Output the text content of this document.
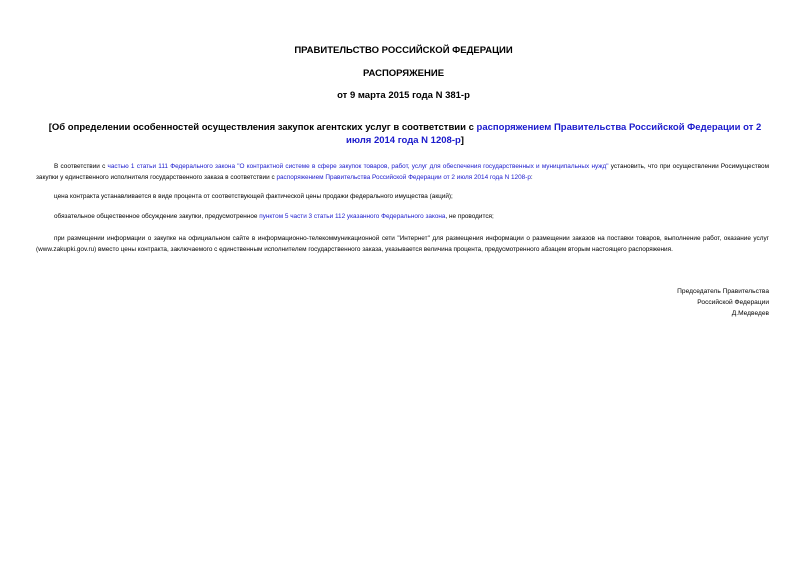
ПРАВИТЕЛЬСТВО РОССИЙСКОЙ ФЕДЕРАЦИИ
РАСПОРЯЖЕНИЕ
от 9 марта 2015 года N 381-р
[Об определении особенностей осуществления закупок агентских услуг в соответствии с распоряжением Правительства Российской Федерации от 2 июля 2014 года N 1208-р]
В соответствии с частью 1 статьи 111 Федерального закона "О контрактной системе в сфере закупок товаров, работ, услуг для обеспечения государственных и муниципальных нужд" установить, что при осуществлении Росимуществом закупки у единственного исполнителя государственного заказа в соответствии с распоряжением Правительства Российской Федерации от 2 июля 2014 года N 1208-р:
цена контракта устанавливается в виде процента от соответствующей фактической цены продажи федерального имущества (акций);
обязательное общественное обсуждение закупки, предусмотренное пунктом 5 части 3 статьи 112 указанного Федерального закона, не проводится;
при размещении информации о закупке на официальном сайте в информационно-телекоммуникационной сети "Интернет" для размещения информации о размещении заказов на поставки товаров, выполнение работ, оказание услуг (www.zakupki.gov.ru) вместо цены контракта, заключаемого с единственным исполнителем государственного заказа, указывается величина процента, предусмотренного абзацем вторым настоящего распоряжения.
Председатель Правительства
Российской Федерации
Д.Медведев
